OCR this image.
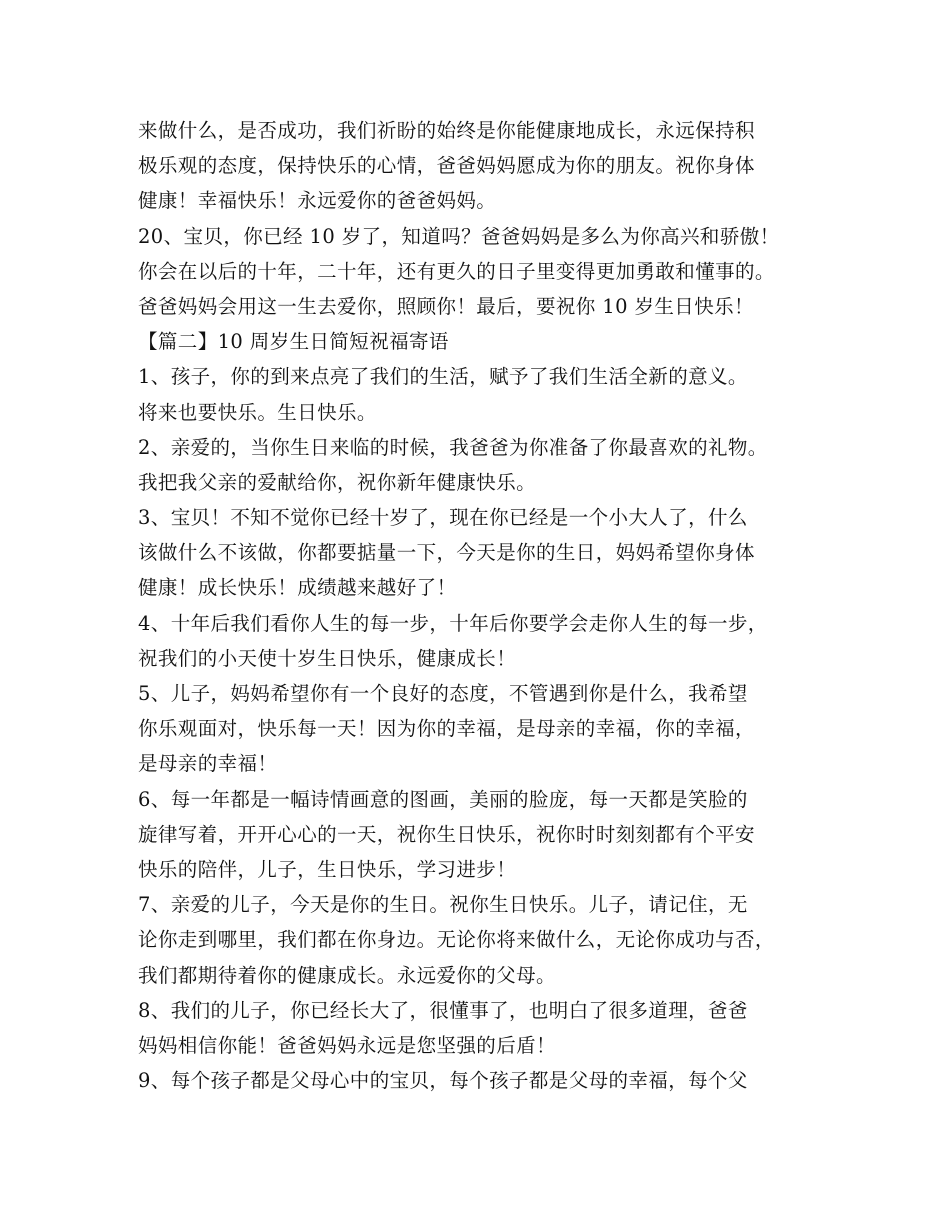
来做什么，是否成功，我们祈盼的始终是你能健康地成长，永远保持积
极乐观的态度，保持快乐的心情，爸爸妈妈愿成为你的朋友。祝你身体
健康！幸福快乐！永远爱你的爸爸妈妈。
20、宝贝，你已经 10 岁了，知道吗？爸爸妈妈是多么为你高兴和骄傲！
你会在以后的十年，二十年，还有更久的日子里变得更加勇敢和懂事的。
爸爸妈妈会用这一生去爱你，照顾你！最后，要祝你 10 岁生日快乐！
【篇二】10 周岁生日简短祝福寄语
1、孩子，你的到来点亮了我们的生活，赋予了我们生活全新的意义。
将来也要快乐。生日快乐。
2、亲爱的，当你生日来临的时候，我爸爸为你准备了你最喜欢的礼物。
我把我父亲的爱献给你，祝你新年健康快乐。
3、宝贝！不知不觉你已经十岁了，现在你已经是一个小大人了，什么
该做什么不该做，你都要掂量一下，今天是你的生日，妈妈希望你身体
健康！成长快乐！成绩越来越好了！
4、十年后我们看你人生的每一步，十年后你要学会走你人生的每一步，
祝我们的小天使十岁生日快乐，健康成长！
5、儿子，妈妈希望你有一个良好的态度，不管遇到你是什么，我希望
你乐观面对，快乐每一天！因为你的幸福，是母亲的幸福，你的幸福，
是母亲的幸福！
6、每一年都是一幅诗情画意的图画，美丽的脸庞，每一天都是笑脸的
旋律写着，开开心心的一天，祝你生日快乐，祝你时时刻刻都有个平安
快乐的陪伴，儿子，生日快乐，学习进步！
7、亲爱的儿子，今天是你的生日。祝你生日快乐。儿子，请记住，无
论你走到哪里，我们都在你身边。无论你将来做什么，无论你成功与否，
我们都期待着你的健康成长。永远爱你的父母。
8、我们的儿子，你已经长大了，很懂事了，也明白了很多道理，爸爸
妈妈相信你能！爸爸妈妈永远是您坚强的后盾！
9、每个孩子都是父母心中的宝贝，每个孩子都是父母的幸福，每个父
